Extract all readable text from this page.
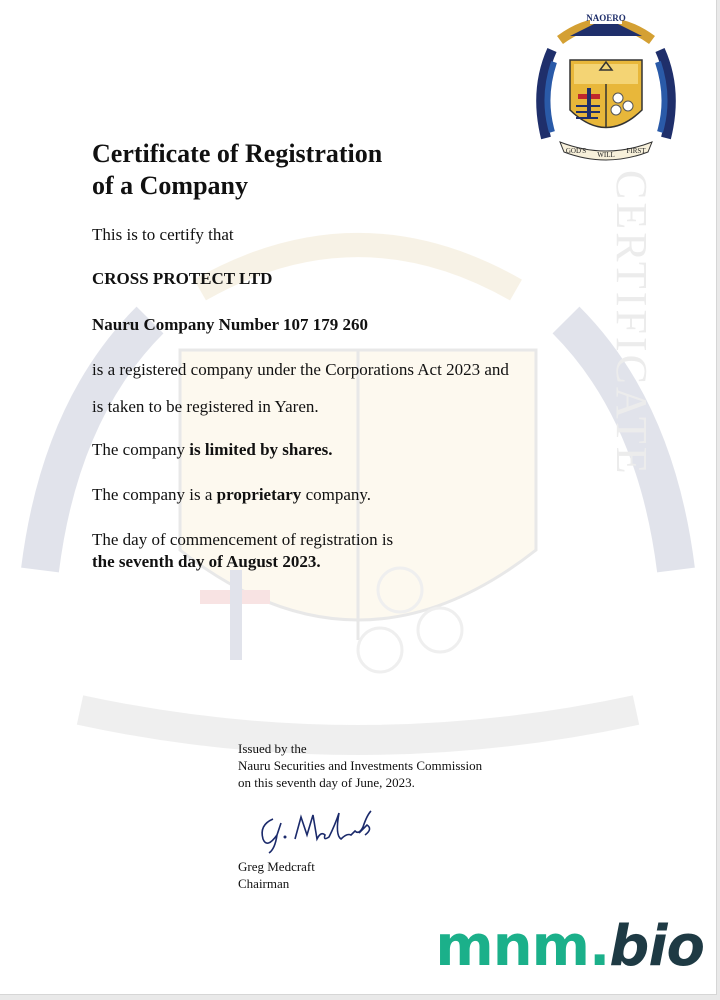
CERTIFICATE
NAOERO
GOD'S WILL FIRST
Certificate of Registration
of a Company
This is to certify that
CROSS PROTECT LTD
Nauru Company Number 107 179 260
is a registered company under the Corporations Act 2023 and
is taken to be registered in Yaren.
The company is limited by shares.
The company is a proprietary company.
The day of commencement of registration is
the seventh day of August 2023.
Issued by the
Nauru Securities and Investments Commission
on this seventh day of June, 2023.
Greg Medcraft
Chairman
mnm.bio
